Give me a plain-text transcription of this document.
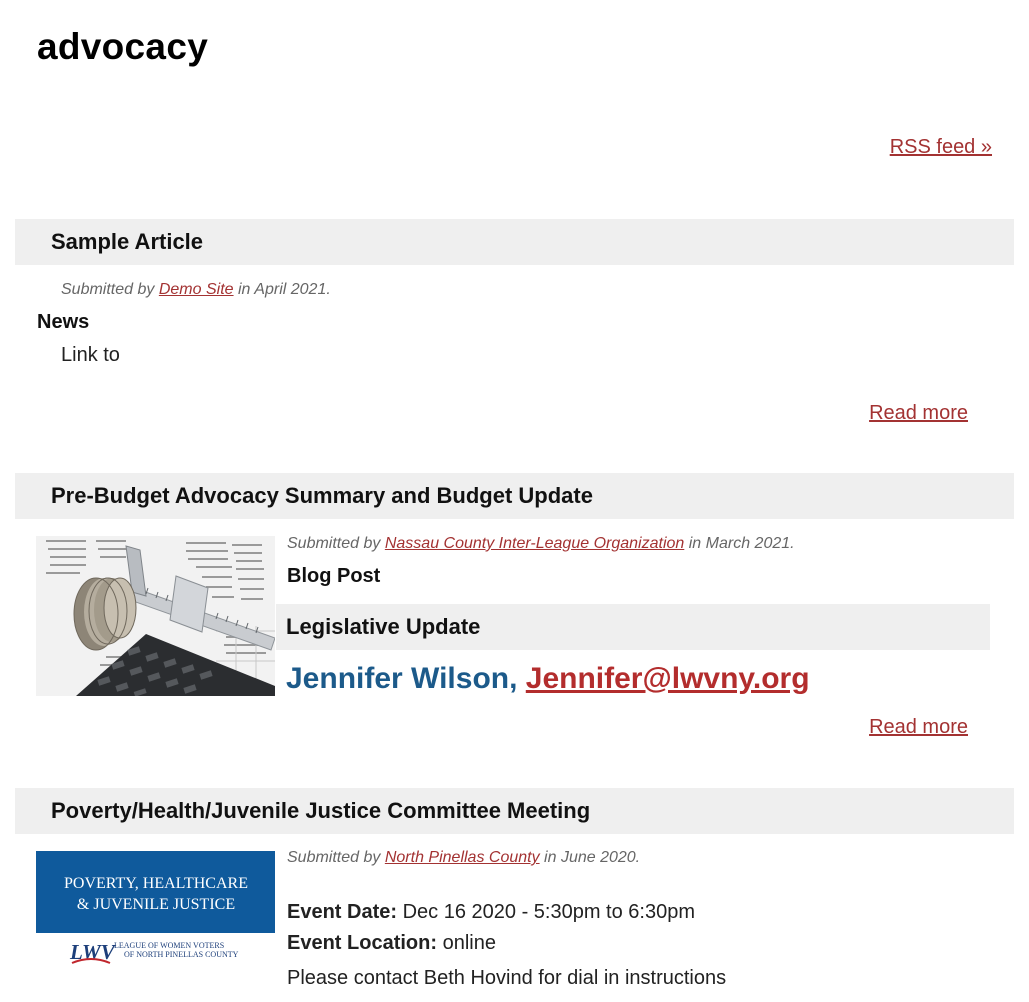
advocacy
RSS feed »
Sample Article
Submitted by Demo Site in April 2021.
News
Link to
Read more
Pre-Budget Advocacy Summary and Budget Update
Submitted by Nassau County Inter-League Organization in March 2021.
Blog Post
Legislative Update
Jennifer Wilson, Jennifer@lwvny.org
Read more
Poverty/Health/Juvenile Justice Committee Meeting
POVERTY, HEALTHCARE
& JUVENILE JUSTICE
LWV LEAGUE OF WOMEN VOTERS
OF NORTH PINELLAS COUNTY
Submitted by North Pinellas County in June 2020.
Event Date: Dec 16 2020 - 5:30pm to 6:30pm
Event Location: online
Please contact Beth Hovind for dial in instructions
